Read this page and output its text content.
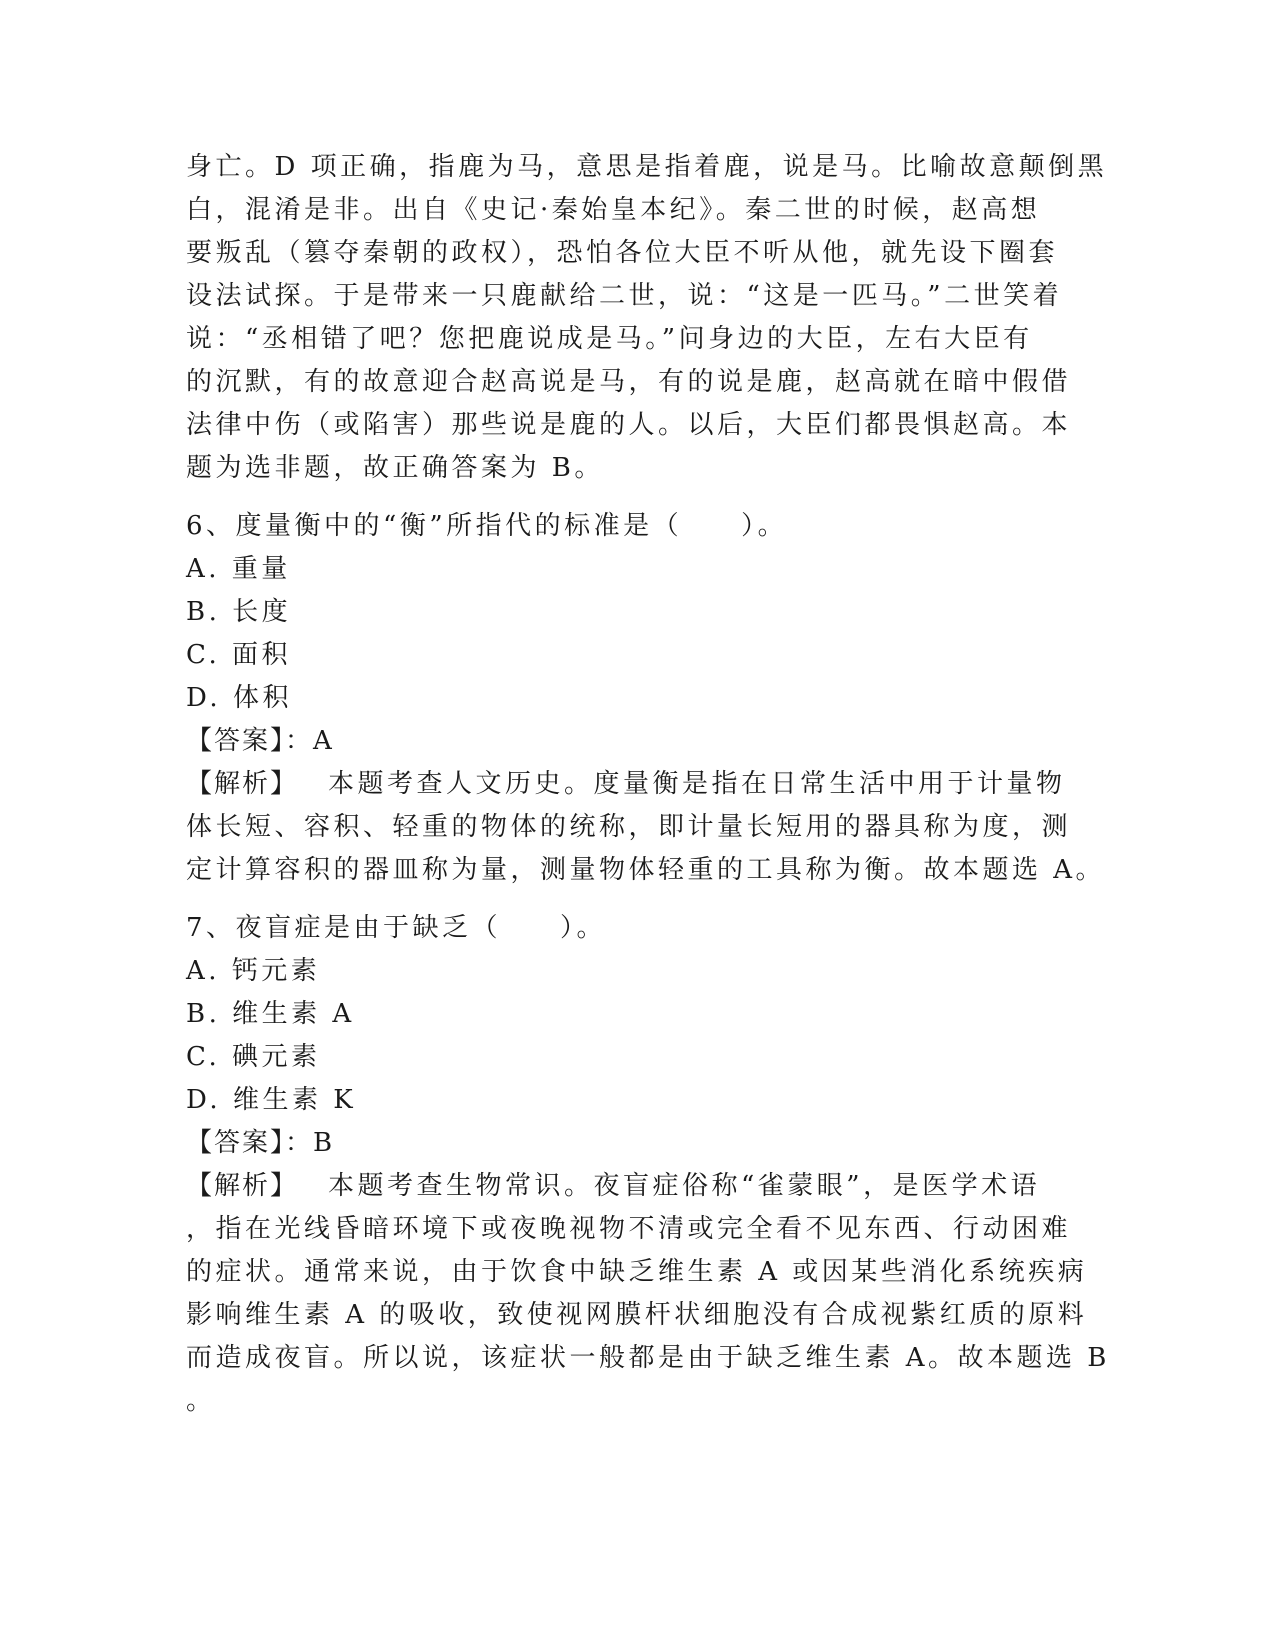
身亡。D 项正确，指鹿为马，意思是指着鹿，说是马。比喻故意颠倒黑
白，混淆是非。出自《史记·秦始皇本纪》。秦二世的时候，赵高想
要叛乱（篡夺秦朝的政权），恐怕各位大臣不听从他，就先设下圈套
设法试探。于是带来一只鹿献给二世，说：“这是一匹马。”二世笑着
说：“丞相错了吧？您把鹿说成是马。”问身边的大臣，左右大臣有
的沉默，有的故意迎合赵高说是马，有的说是鹿，赵高就在暗中假借
法律中伤（或陷害）那些说是鹿的人。以后，大臣们都畏惧赵高。本
题为选非题，故正确答案为 B。
6、度量衡中的“衡”所指代的标准是（　　）。
A. 重量
B. 长度
C. 面积
D. 体积
【答案】：A
【解析】 本题考查人文历史。度量衡是指在日常生活中用于计量物
体长短、容积、轻重的物体的统称，即计量长短用的器具称为度，测
定计算容积的器皿称为量，测量物体轻重的工具称为衡。故本题选 A。
7、夜盲症是由于缺乏（　　）。
A. 钙元素
B. 维生素 A
C. 碘元素
D. 维生素 K
【答案】：B
【解析】 本题考查生物常识。夜盲症俗称“雀蒙眼”，是医学术语
，指在光线昏暗环境下或夜晚视物不清或完全看不见东西、行动困难
的症状。通常来说，由于饮食中缺乏维生素 A 或因某些消化系统疾病
影响维生素 A 的吸收，致使视网膜杆状细胞没有合成视紫红质的原料
而造成夜盲。所以说，该症状一般都是由于缺乏维生素 A。故本题选 B
。
